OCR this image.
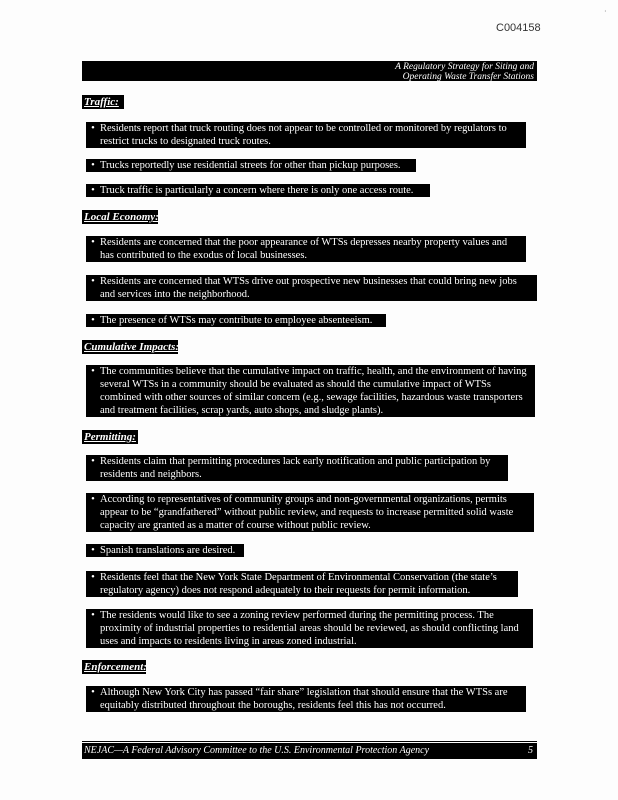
C004158
·
A Regulatory Strategy for Siting and
Operating Waste Transfer Stations
Traffic:
• Residents report that truck routing does not appear to be controlled or monitored by regulators to restrict trucks to designated truck routes.
• Trucks reportedly use residential streets for other than pickup purposes.
• Truck traffic is particularly a concern where there is only one access route.
Local Economy:
• Residents are concerned that the poor appearance of WTSs depresses nearby property values and has contributed to the exodus of local businesses.
• Residents are concerned that WTSs drive out prospective new businesses that could bring new jobs and services into the neighborhood.
• The presence of WTSs may contribute to employee absenteeism.
Cumulative Impacts:
• The communities believe that the cumulative impact on traffic, health, and the environment of having several WTSs in a community should be evaluated as should the cumulative impact of WTSs combined with other sources of similar concern (e.g., sewage facilities, hazardous waste transporters and treatment facilities, scrap yards, auto shops, and sludge plants).
Permitting:
• Residents claim that permitting procedures lack early notification and public participation by residents and neighbors.
• According to representatives of community groups and non-governmental organizations, permits appear to be “grandfathered” without public review, and requests to increase permitted solid waste capacity are granted as a matter of course without public review.
• Spanish translations are desired.
• Residents feel that the New York State Department of Environmental Conservation (the state’s regulatory agency) does not respond adequately to their requests for permit information.
• The residents would like to see a zoning review performed during the permitting process. The proximity of industrial properties to residential areas should be reviewed, as should conflicting land uses and impacts to residents living in areas zoned industrial.
Enforcement:
• Although New York City has passed “fair share” legislation that should ensure that the WTSs are equitably distributed throughout the boroughs, residents feel this has not occurred.
NEJAC—A Federal Advisory Committee to the U.S. Environmental Protection Agency	5
